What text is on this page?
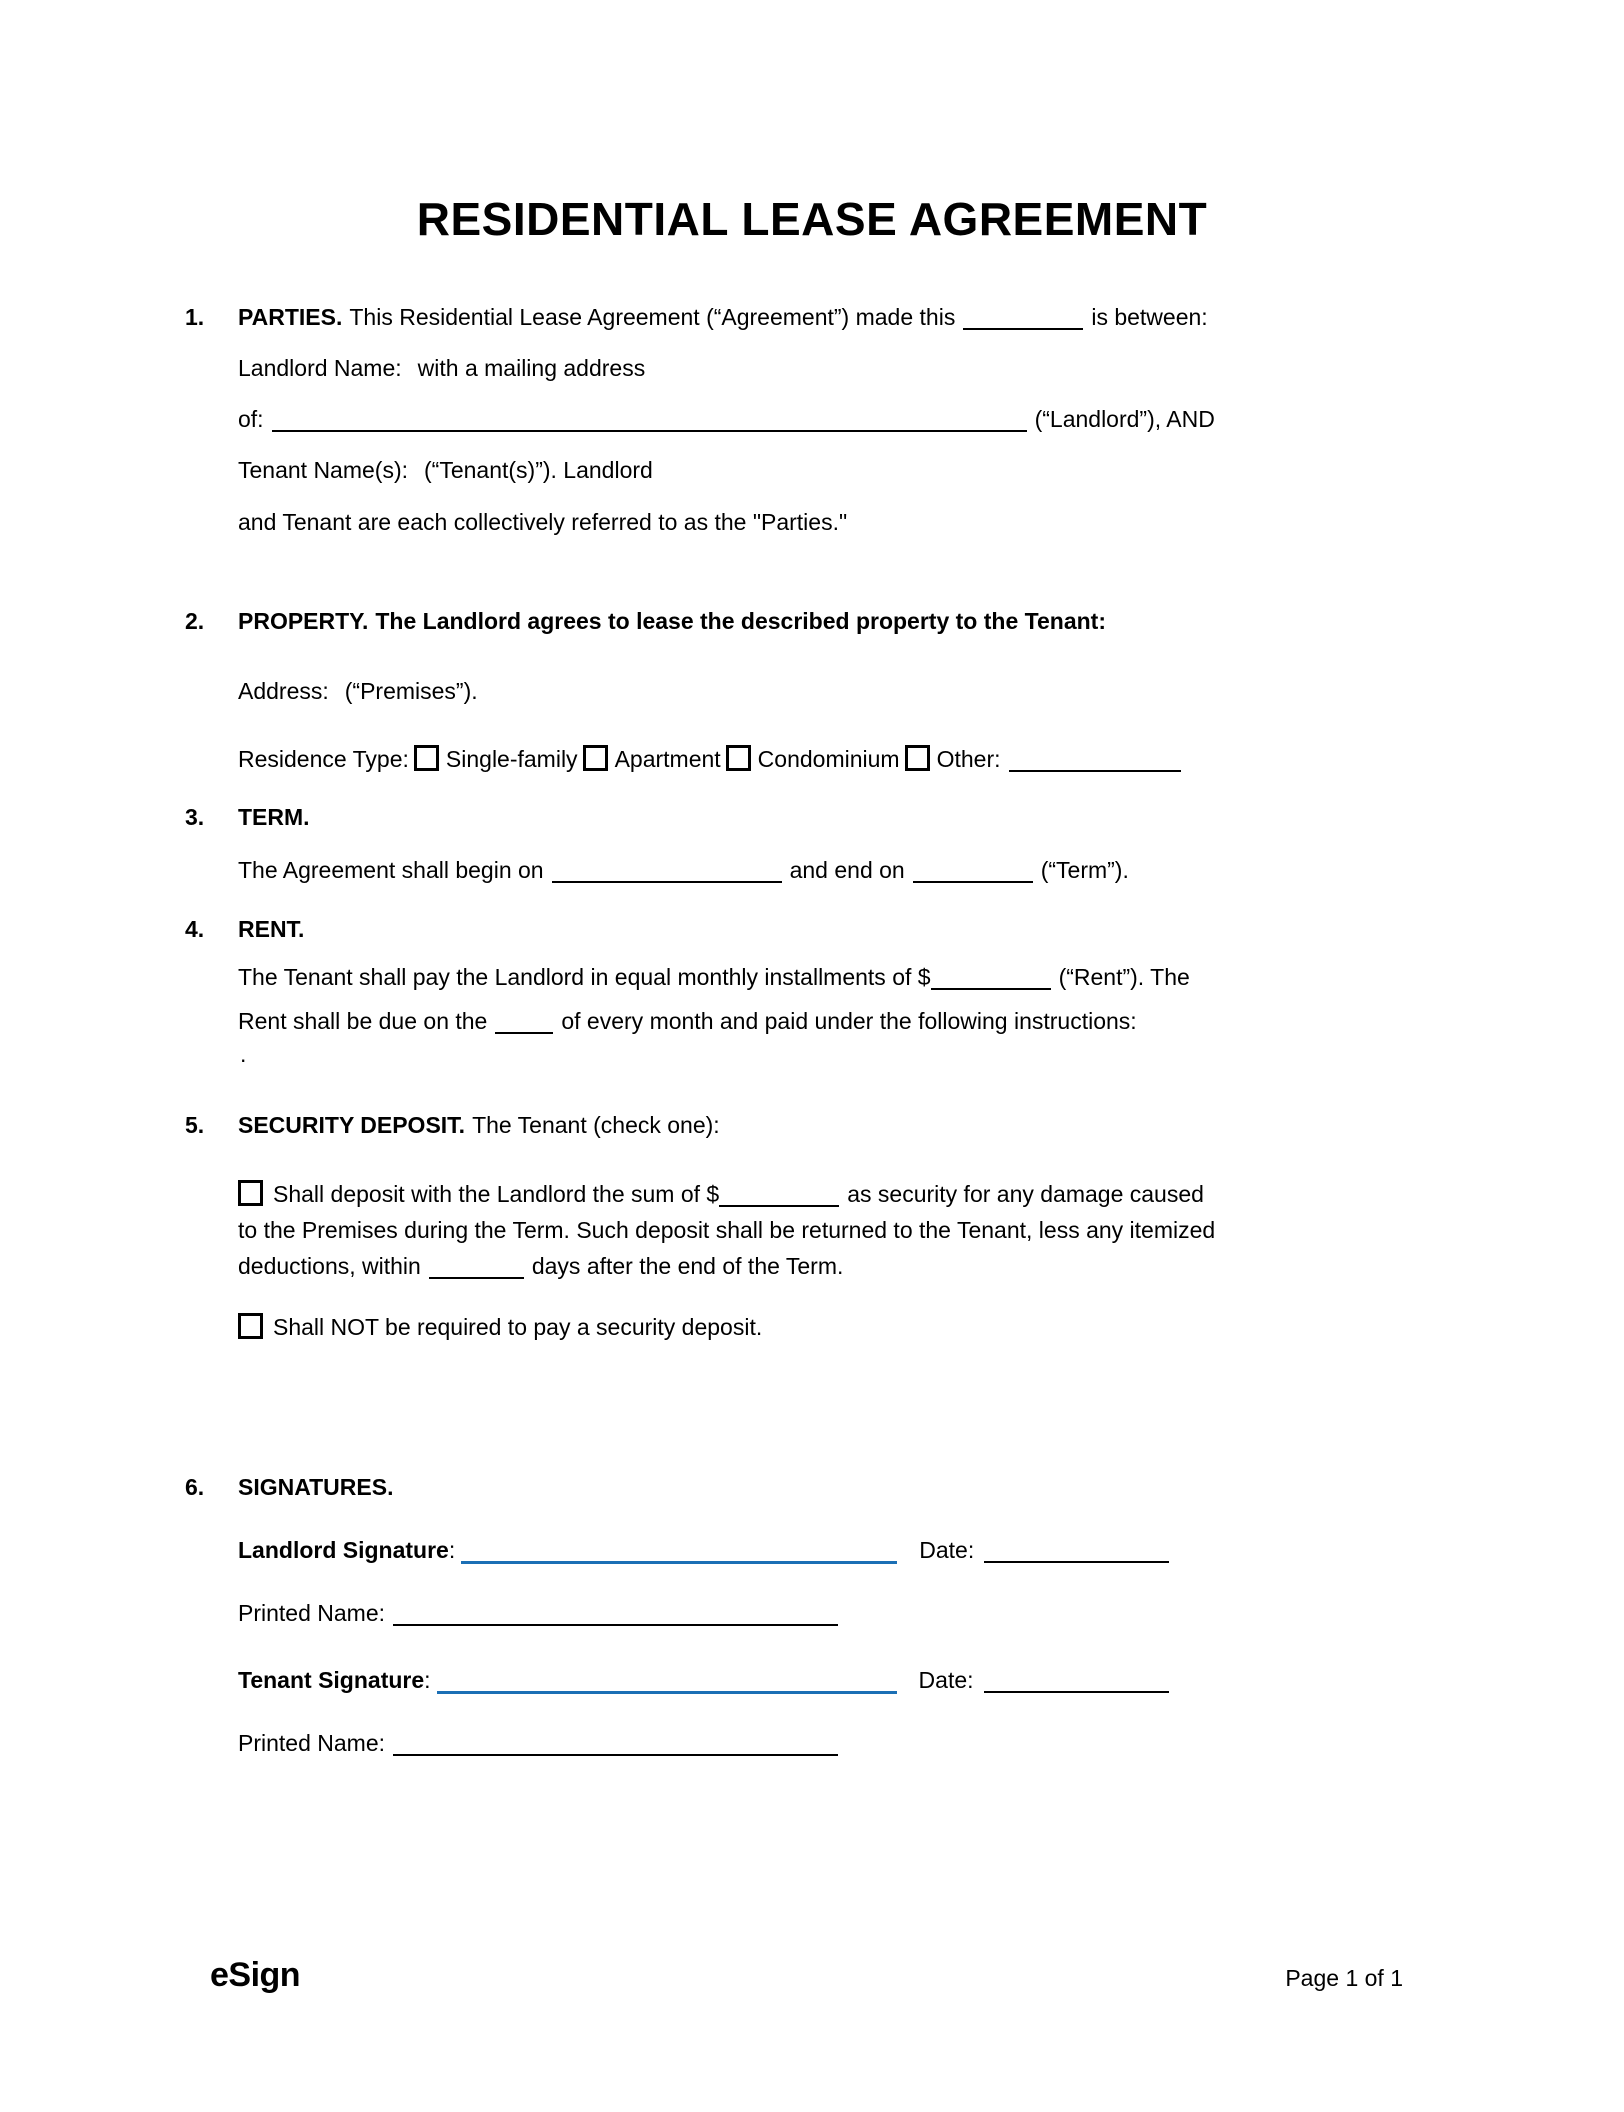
RESIDENTIAL LEASE AGREEMENT
1.	PARTIES. This Residential Lease Agreement (“Agreement”) made this	is between:
Landlord Name: with a mailing address
of:	(“Landlord”), AND
Tenant Name(s): (“Tenant(s)”). Landlord
and Tenant are each collectively referred to as the "Parties."
2.	PROPERTY. The Landlord agrees to lease the described property to the Tenant:
Address: (“Premises”).
Residence Type: Single-family Apartment Condominium Other:
3.	TERM.
The Agreement shall begin on	and end on	(“Term”).
4.	RENT.
The Tenant shall pay the Landlord in equal monthly installments of $	(“Rent”). The
Rent shall be due on the	of every month and paid under the following instructions:
.
5.	SECURITY DEPOSIT. The Tenant (check one):
Shall deposit with the Landlord the sum of $	as security for any damage caused
to the Premises during the Term. Such deposit shall be returned to the Tenant, less any itemized
deductions, within	days after the end of the Term.
Shall NOT be required to pay a security deposit.
6.	SIGNATURES.
Landlord Signature :	Date:
Printed Name:
Tenant Signature :	Date:
Printed Name:
eSign	Page 1 of 1
